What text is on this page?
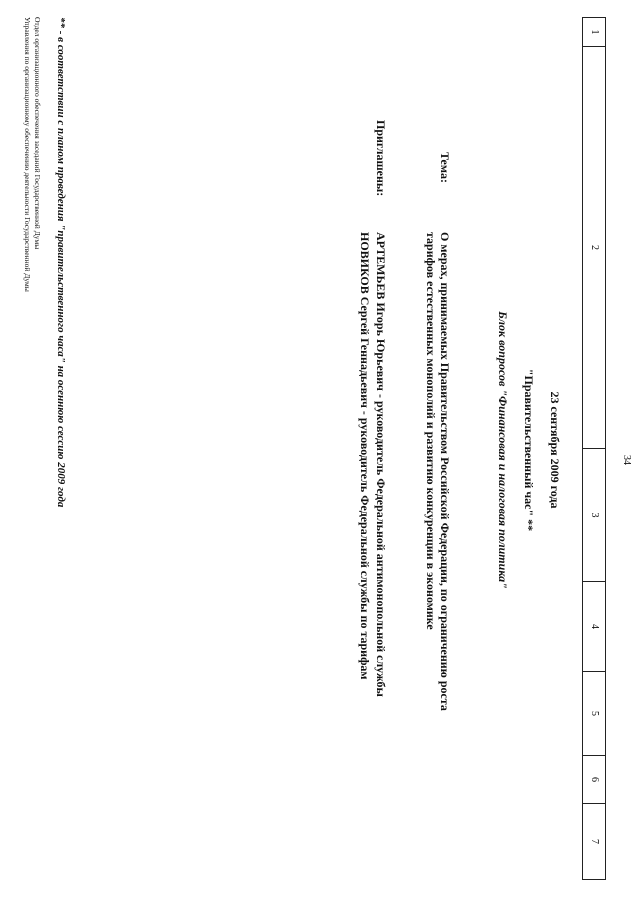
34
1
2
3
4
5
6
7
23 сентября 2009 года
"Правительственный час" **
Блок вопросов "Финансовая и налоговая политика"
Тема:
О мерах, принимаемых Правительством Российской Федерации, по ограничению роста тарифов естественных монополий и развитию конкуренции в экономике
Приглашены:
АРТЕМЬЕВ Игорь Юрьевич - руководитель Федеральной антимонопольной службы
НОВИКОВ Сергей Геннадьевич - руководитель Федеральной службы по тарифам
** - в соответствии с планом проведения "правительственного часа" на осеннюю сессию 2009 года
Отдел организационного обеспечения заседаний Государственной Думы
Управления по организационному обеспечению деятельности Государственной Думы
